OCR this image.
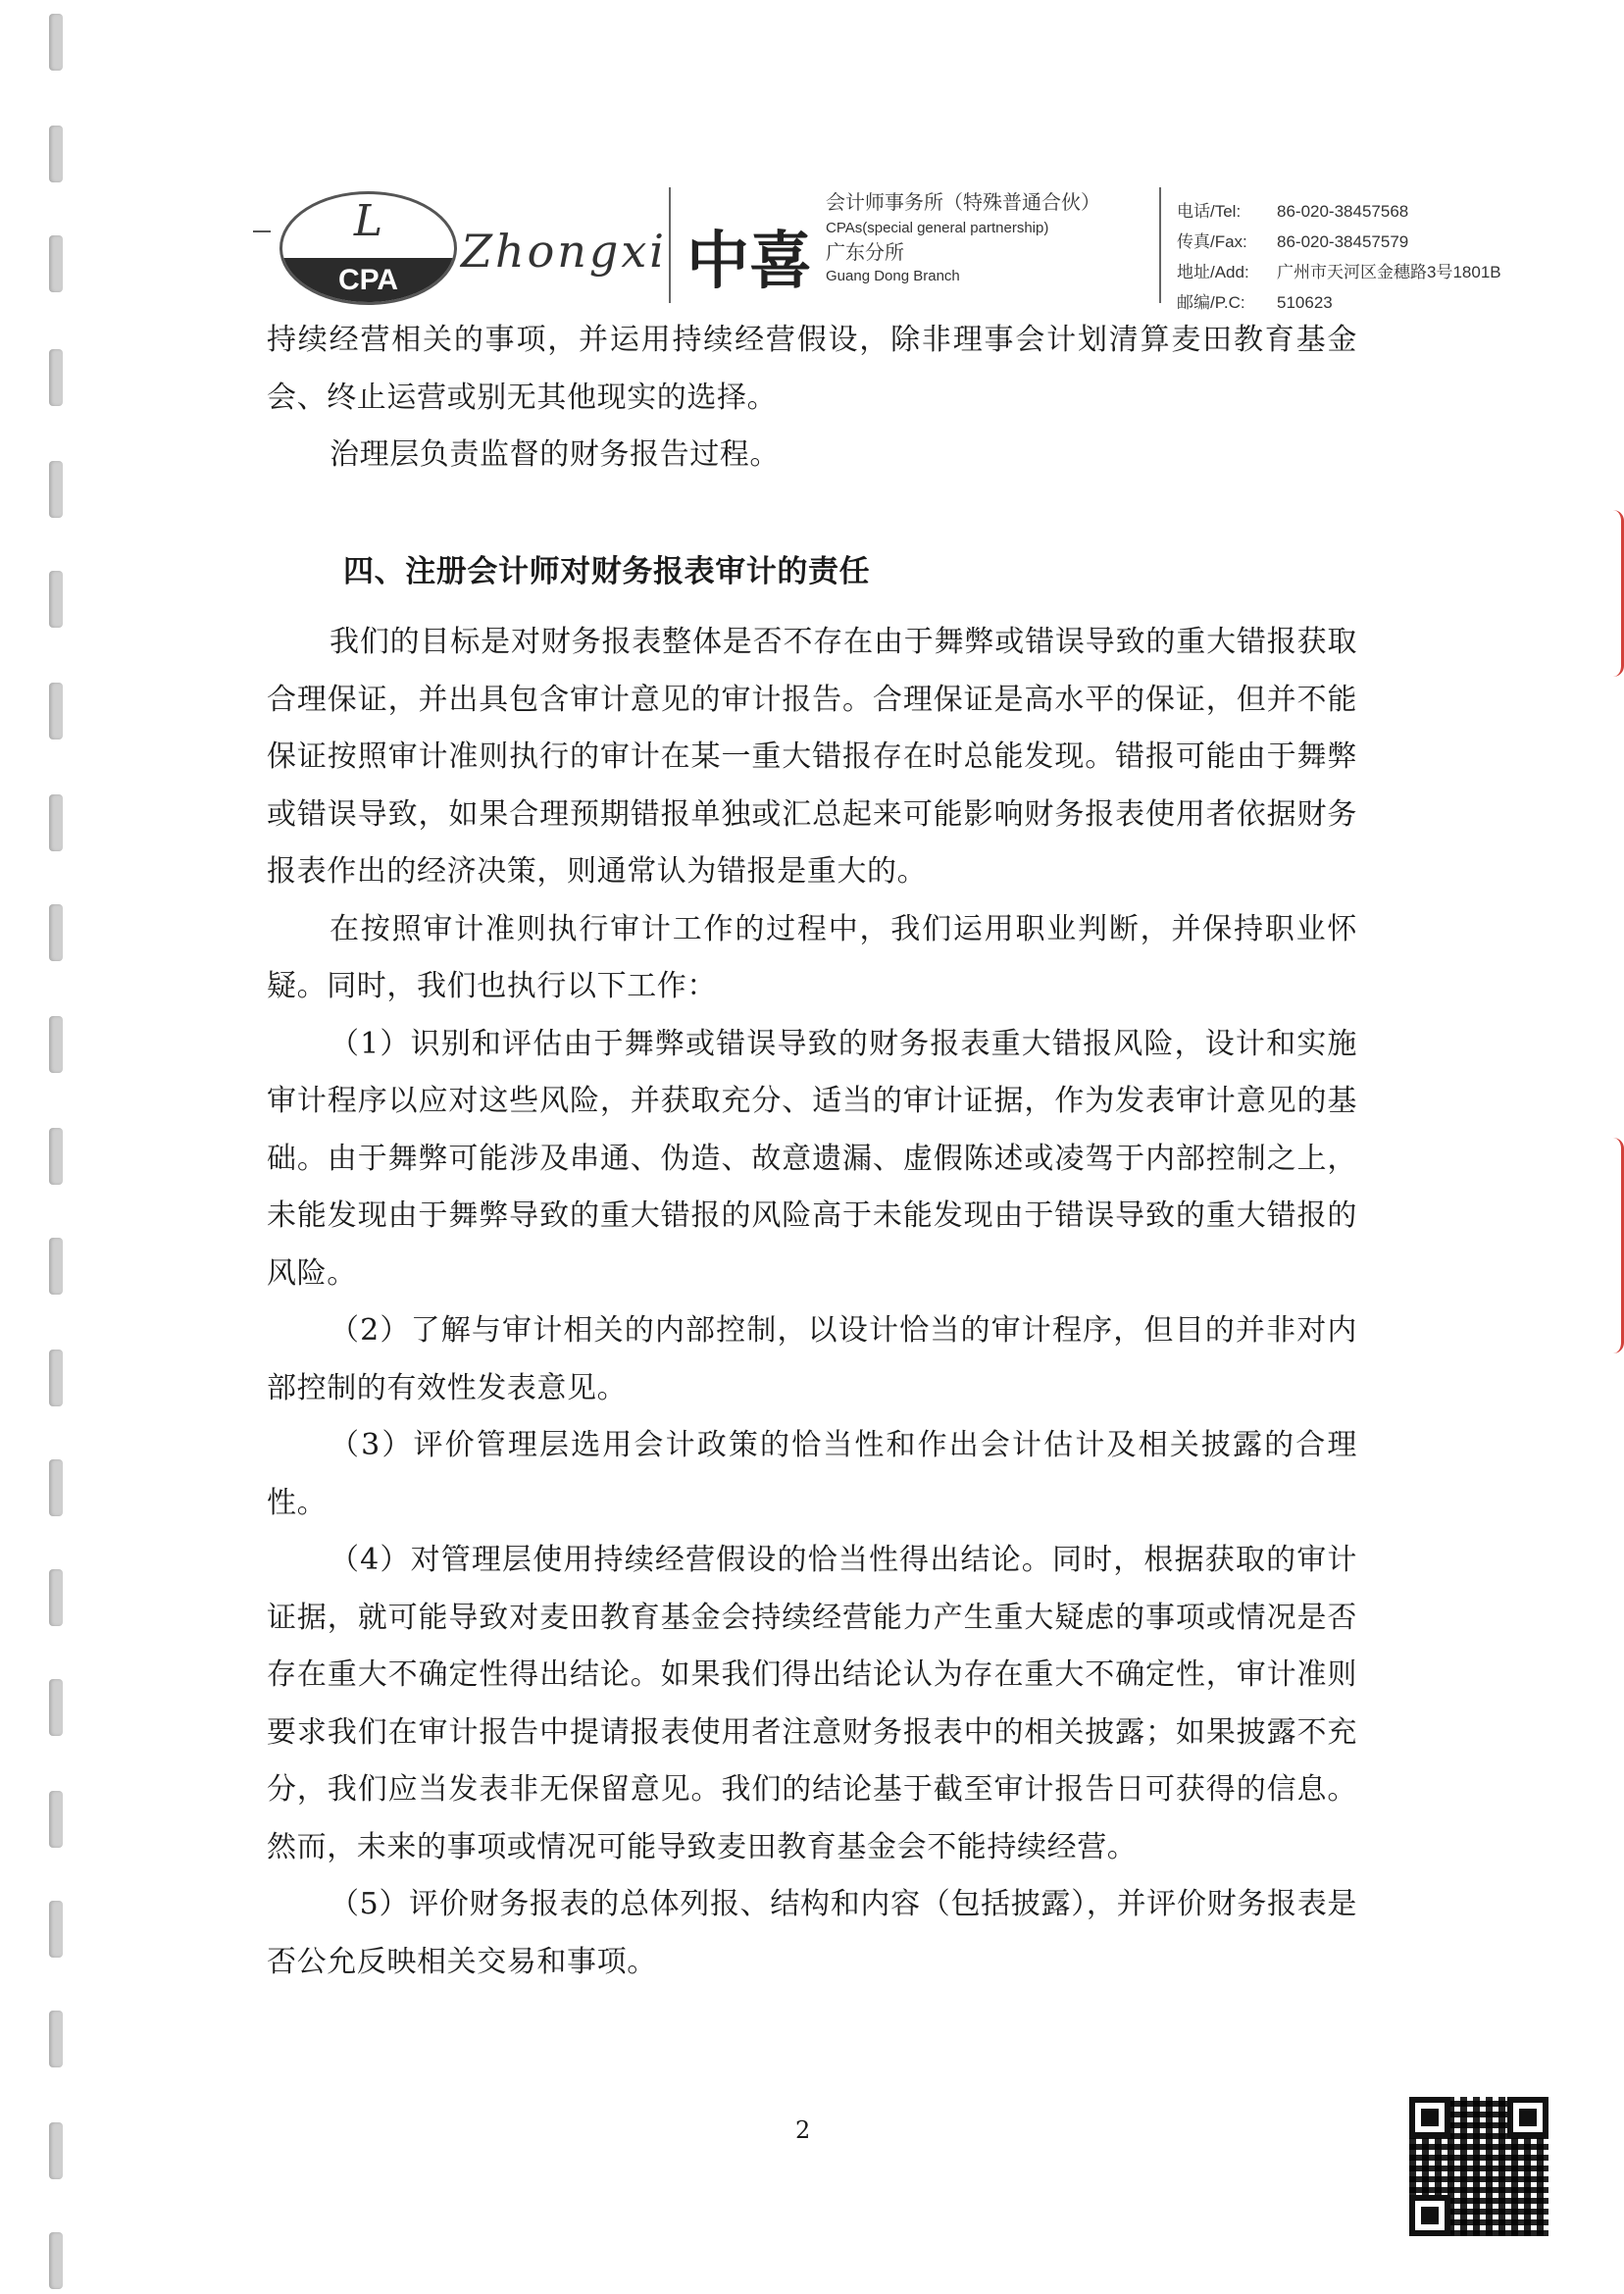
L
CPA
Zhongxi 中喜
会计师事务所（特殊普通合伙）
CPAs(special general partnership)
广东分所
Guang Dong Branch
电话/Tel: 86-020-38457568
传真/Fax: 86-020-38457579
地址/Add: 广州市天河区金穗路3号1801B
邮编/P.C: 510623

持续经营相关的事项，并运用持续经营假设，除非理事会计划清算麦田教育基金会、终止运营或别无其他现实的选择。

治理层负责监督的财务报告过程。

四、注册会计师对财务报表审计的责任

我们的目标是对财务报表整体是否不存在由于舞弊或错误导致的重大错报获取合理保证，并出具包含审计意见的审计报告。合理保证是高水平的保证，但并不能保证按照审计准则执行的审计在某一重大错报存在时总能发现。错报可能由于舞弊或错误导致，如果合理预期错报单独或汇总起来可能影响财务报表使用者依据财务报表作出的经济决策，则通常认为错报是重大的。

在按照审计准则执行审计工作的过程中，我们运用职业判断，并保持职业怀疑。同时，我们也执行以下工作：

（1）识别和评估由于舞弊或错误导致的财务报表重大错报风险，设计和实施审计程序以应对这些风险，并获取充分、适当的审计证据，作为发表审计意见的基础。由于舞弊可能涉及串通、伪造、故意遗漏、虚假陈述或凌驾于内部控制之上，未能发现由于舞弊导致的重大错报的风险高于未能发现由于错误导致的重大错报的风险。

（2）了解与审计相关的内部控制，以设计恰当的审计程序，但目的并非对内部控制的有效性发表意见。

（3）评价管理层选用会计政策的恰当性和作出会计估计及相关披露的合理性。

（4）对管理层使用持续经营假设的恰当性得出结论。同时，根据获取的审计证据，就可能导致对麦田教育基金会持续经营能力产生重大疑虑的事项或情况是否存在重大不确定性得出结论。如果我们得出结论认为存在重大不确定性，审计准则要求我们在审计报告中提请报表使用者注意财务报表中的相关披露；如果披露不充分，我们应当发表非无保留意见。我们的结论基于截至审计报告日可获得的信息。然而，未来的事项或情况可能导致麦田教育基金会不能持续经营。

（5）评价财务报表的总体列报、结构和内容（包括披露），并评价财务报表是否公允反映相关交易和事项。

2
